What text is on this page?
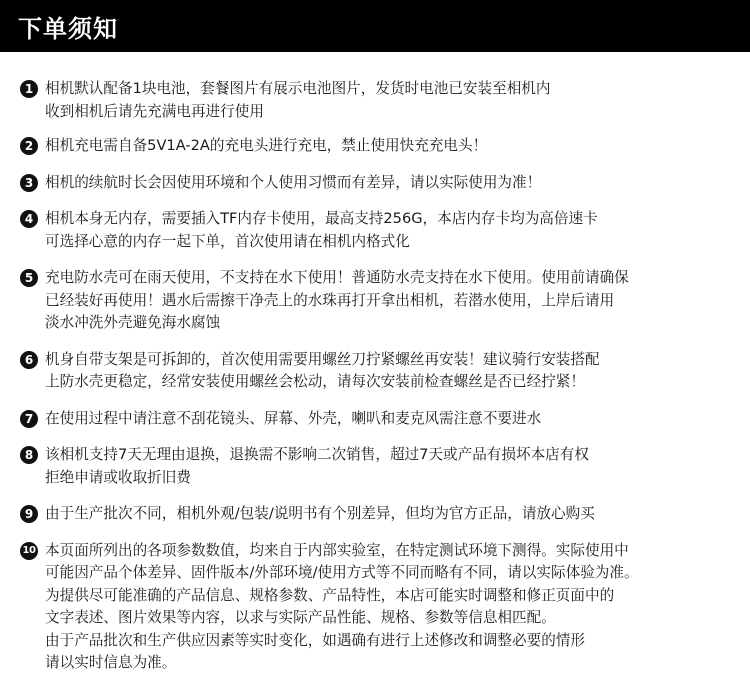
下单须知
1 相机默认配备1块电池，套餐图片有展示电池图片，发货时电池已安装至相机内
收到相机后请先充满电再进行使用
2 相机充电需自备5V1A-2A的充电头进行充电，禁止使用快充充电头！
3 相机的续航时长会因使用环境和个人使用习惯而有差异，请以实际使用为准！
4 相机本身无内存，需要插入TF内存卡使用，最高支持256G，本店内存卡均为高倍速卡
可选择心意的内存一起下单，首次使用请在相机内格式化
5 充电防水壳可在雨天使用，不支持在水下使用！普通防水壳支持在水下使用。使用前请确保
已经装好再使用！遇水后需擦干净壳上的水珠再打开拿出相机，若潜水使用，上岸后请用
淡水冲洗外壳避免海水腐蚀
6 机身自带支架是可拆卸的，首次使用需要用螺丝刀拧紧螺丝再安装！建议骑行安装搭配
上防水壳更稳定，经常安装使用螺丝会松动，请每次安装前检查螺丝是否已经拧紧！
7 在使用过程中请注意不刮花镜头、屏幕、外壳，喇叭和麦克风需注意不要进水
8 该相机支持7天无理由退换，退换需不影响二次销售，超过7天或产品有损坏本店有权
拒绝申请或收取折旧费
9 由于生产批次不同，相机外观/包装/说明书有个别差异，但均为官方正品，请放心购买
10 本页面所列出的各项参数数值，均来自于内部实验室，在特定测试环境下测得。实际使用中
可能因产品个体差异、固件版本/外部环境/使用方式等不同而略有不同，请以实际体验为准。
为提供尽可能准确的产品信息、规格参数、产品特性，本店可能实时调整和修正页面中的
文字表述、图片效果等内容，以求与实际产品性能、规格、参数等信息相匹配。
由于产品批次和生产供应因素等实时变化，如遇确有进行上述修改和调整必要的情形
请以实时信息为准。
